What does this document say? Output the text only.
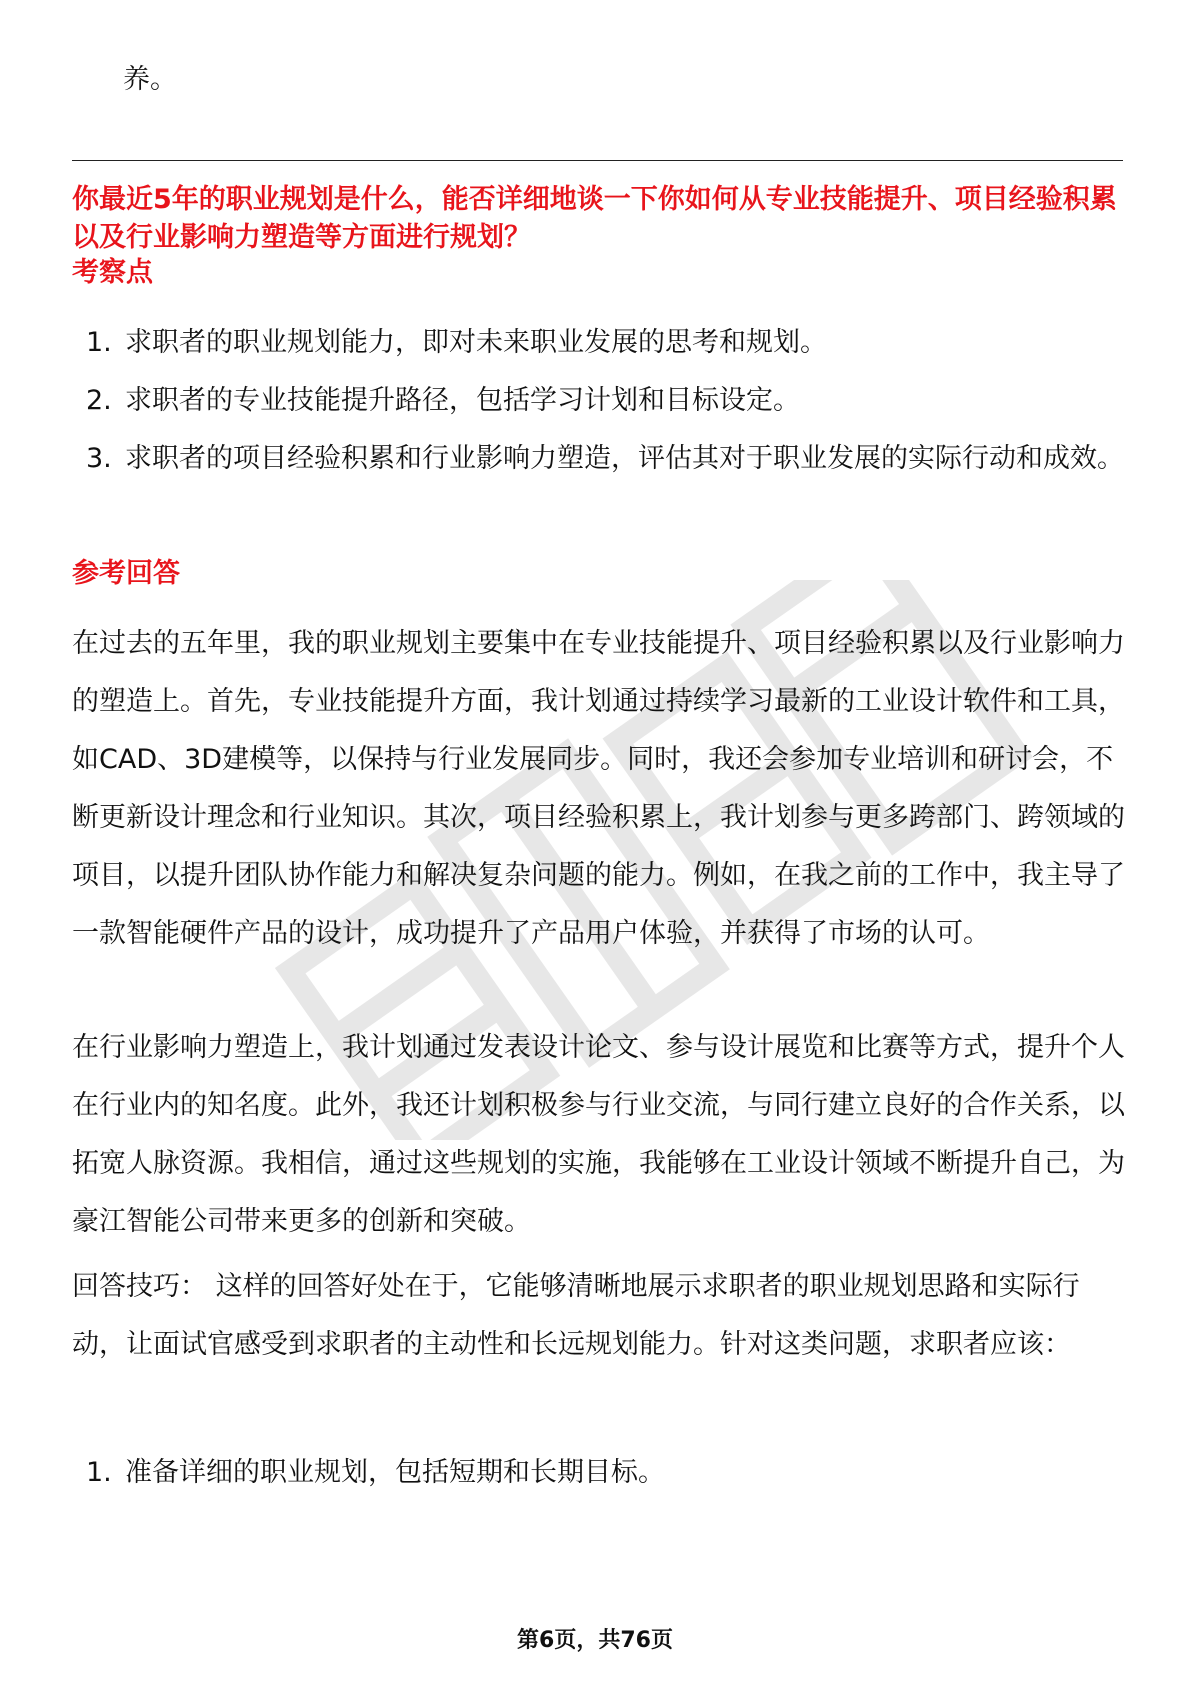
养。
你最近5年的职业规划是什么，能否详细地谈一下你如何从专业技能提升、项目经验积累以及行业影响力塑造等方面进行规划？
考察点
1. 求职者的职业规划能力，即对未来职业发展的思考和规划。
2. 求职者的专业技能提升路径，包括学习计划和目标设定。
3. 求职者的项目经验积累和行业影响力塑造，评估其对于职业发展的实际行动和成效。
参考回答

在过去的五年里，我的职业规划主要集中在专业技能提升、项目经验积累以及行业影响力的塑造上。首先，专业技能提升方面，我计划通过持续学习最新的工业设计软件和工具，如CAD、3D建模等，以保持与行业发展同步。同时，我还会参加专业培训和研讨会，不断更新设计理念和行业知识。其次，项目经验积累上，我计划参与更多跨部门、跨领域的项目，以提升团队协作能力和解决复杂问题的能力。例如，在我之前的工作中，我主导了一款智能硬件产品的设计，成功提升了产品用户体验，并获得了市场的认可。

在行业影响力塑造上，我计划通过发表设计论文、参与设计展览和比赛等方式，提升个人在行业内的知名度。此外，我还计划积极参与行业交流，与同行建立良好的合作关系，以拓宽人脉资源。我相信，通过这些规划的实施，我能够在工业设计领域不断提升自己，为豪江智能公司带来更多的创新和突破。

回答技巧： 这样的回答好处在于，它能够清晰地展示求职者的职业规划思路和实际行动，让面试官感受到求职者的主动性和长远规划能力。针对这类问题，求职者应该：

1. 准备详细的职业规划，包括短期和长期目标。
第6页，共76页
